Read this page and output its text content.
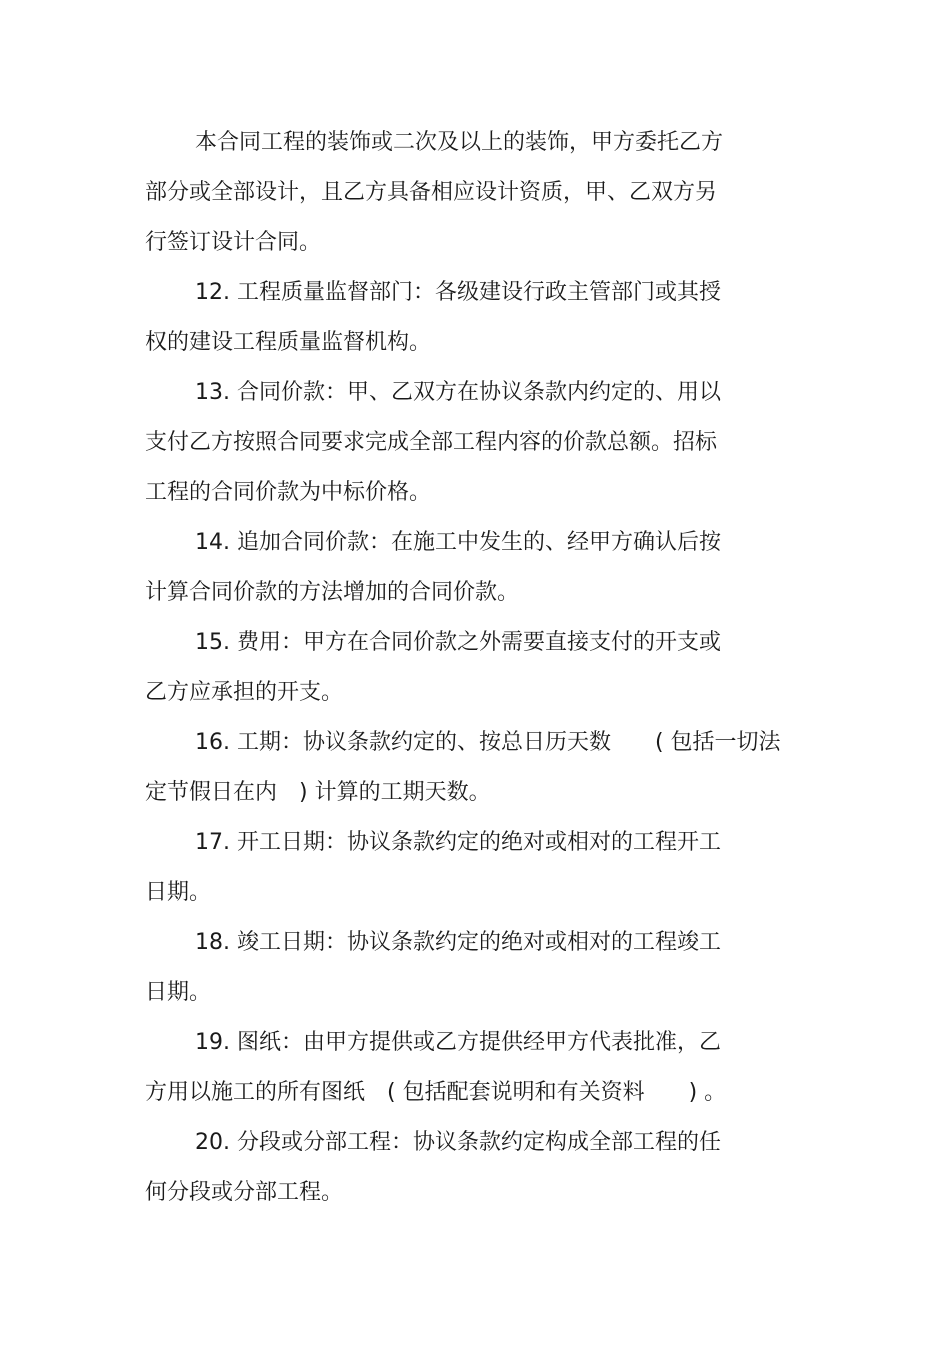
本合同工程的装饰或二次及以上的装饰，甲方委托乙方

部分或全部设计，且乙方具备相应设计资质，甲、乙双方另

行签订设计合同。

12. 工程质量监督部门：各级建设行政主管部门或其授

权的建设工程质量监督机构。

13. 合同价款：甲、乙双方在协议条款内约定的、用以

支付乙方按照合同要求完成全部工程内容的价款总额。招标

工程的合同价款为中标价格。

14. 追加合同价款：在施工中发生的、经甲方确认后按

计算合同价款的方法增加的合同价款。

15. 费用：甲方在合同价款之外需要直接支付的开支或

乙方应承担的开支。

16. 工期：协议条款约定的、按总日历天数　　( 包括一切法

定节假日在内　) 计算的工期天数。

17. 开工日期：协议条款约定的绝对或相对的工程开工

日期。

18. 竣工日期：协议条款约定的绝对或相对的工程竣工

日期。

19. 图纸：由甲方提供或乙方提供经甲方代表批准，乙

方用以施工的所有图纸　( 包括配套说明和有关资料　　) 。

20. 分段或分部工程：协议条款约定构成全部工程的任

何分段或分部工程。
